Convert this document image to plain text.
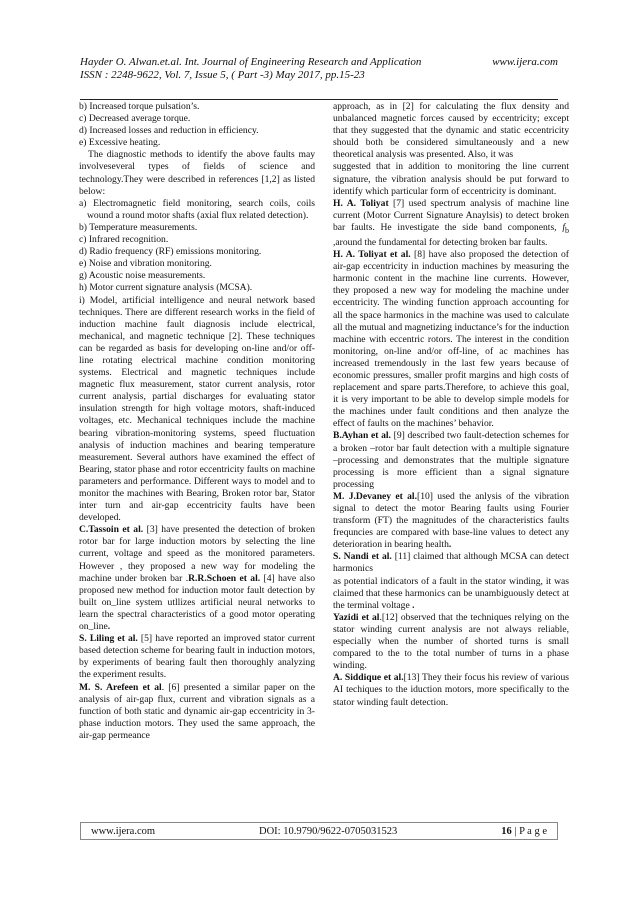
Hayder O. Alwan.et.al. Int. Journal of Engineering Research and Application	www.ijera.com
ISSN : 2248-9622, Vol. 7, Issue 5, ( Part -3) May 2017, pp.15-23

b) Increased torque pulsation’s.

c) Decreased average torque.

d) Increased losses and reduction in efficiency.

e) Excessive heating.

The diagnostic methods to identify the above faults may involveseveral types of fields of science and technology.They were described in references [1,2] as listed below:

a) Electromagnetic field monitoring, search coils, coils wound a round motor shafts (axial flux related detection).

b) Temperature measurements.

c) Infrared recognition.

d) Radio frequency (RF) emissions monitoring.

e) Noise and vibration monitoring.

g) Acoustic noise measurements.

h) Motor current signature analysis (MCSA).

i) Model, artificial intelligence and neural network based techniques. There are different research works in the field of induction machine fault diagnosis include electrical, mechanical, and magnetic technique [2]. These techniques can be regarded as basis for developing on-line and/or off-line rotating electrical machine condition monitoring systems. Electrical and magnetic techniques include magnetic flux measurement, stator current analysis, rotor current analysis, partial discharges for evaluating stator insulation strength for high voltage motors, shaft-induced voltages, etc. Mechanical techniques include the machine bearing vibration-monitoring systems, speed fluctuation analysis of induction machines and bearing temperature measurement. Several authors have examined the effect of Bearing, stator phase and rotor eccentricity faults on machine parameters and performance. Different ways to model and to monitor the machines with Bearing, Broken rotor bar, Stator inter turn and air-gap eccentricity faults have been developed.

C.Tassoin et al. [3] have presented the detection of broken rotor bar for large induction motors by selecting the line current, voltage and speed as the monitored parameters. However , they proposed a new way for modeling the machine under broken bar .R.R.Schoen et al. [4] have also proposed new method for induction motor fault detection by built on_line system utllizes artificial neural networks to learn the spectral characteristics of a good motor operating on_line.

S. Liling et al. [5] have reported an improved stator current based detection scheme for bearing fault in induction motors, by experiments of bearing fault then thoroughly analyzing the experiment results.

M. S. Arefeen et al. [6] presented a similar paper on the analysis of air-gap flux, current and vibration signals as a function of both static and dynamic air-gap eccentricity in 3-phase induction motors. They used the same approach, the air-gap permeance

approach, as in [2] for calculating the flux density and unbalanced magnetic forces caused by eccentricity; except that they suggested that the dynamic and static eccentricity should both be considered simultaneously and a new theoretical analysis was presented. Also, it was

suggested that in addition to monitoring the line current signature, the vibration analysis should be put forward to identify which particular form of eccentricity is dominant.

H. A. Toliyat [7] used spectrum analysis of machine line current (Motor Current Signature Anaylsis) to detect broken bar faults. He investigate the side band components, $f_b$ ,around the fundamental for detecting broken bar faults.

H. A. Toliyat et al. [8] have also proposed the detection of air-gap eccentricity in induction machines by measuring the harmonic content in the machine line currents. However, they proposed a new way for modeling the machine under eccentricity. The winding function approach accounting for all the space harmonics in the machine was used to calculate all the mutual and magnetizing inductance’s for the induction machine with eccentric rotors. The interest in the condition monitoring, on-line and/or off-line, of ac machines has increased tremendously in the last few years because of economic pressures, smaller profit margins and high costs of replacement and spare parts.Therefore, to achieve this goal, it is very important to be able to develop simple models for the machines under fault conditions and then analyze the effect of faults on the machines’ behavior.

B.Ayhan et al. [9] described two fault-detection schemes for a broken –rotor bar fault detection with a multiple signature –processing and demonstrates that the multiple signature processing is more efficient than a signal signature processing

M. J.Devaney et al.[10] used the anlysis of the vibration signal to detect the motor Bearing faults using Fourier transform (FT) the magnitudes of the characteristics faults frequncies are compared with base-line values to detect any deterioration in bearing health.

S. Nandi et al. [11] claimed that although MCSA can detect harmonics

as potential indicators of a fault in the stator winding, it was claimed that these harmonics can be unambiguously detect at the terminal voltage .

Yazidi et al.[12] observed that the techniques relying on the stator winding current analysis are not always reliable, especially when the number of shorted turns is small compared to the to the total number of turns in a phase winding.

A. Siddique et al.[13] They their focus his review of various AI techiques to the iduction motors, more specifically to the stator winding fault detection.

www.ijera.com	DOI: 10.9790/9622-0705031523	16 | P a g e
